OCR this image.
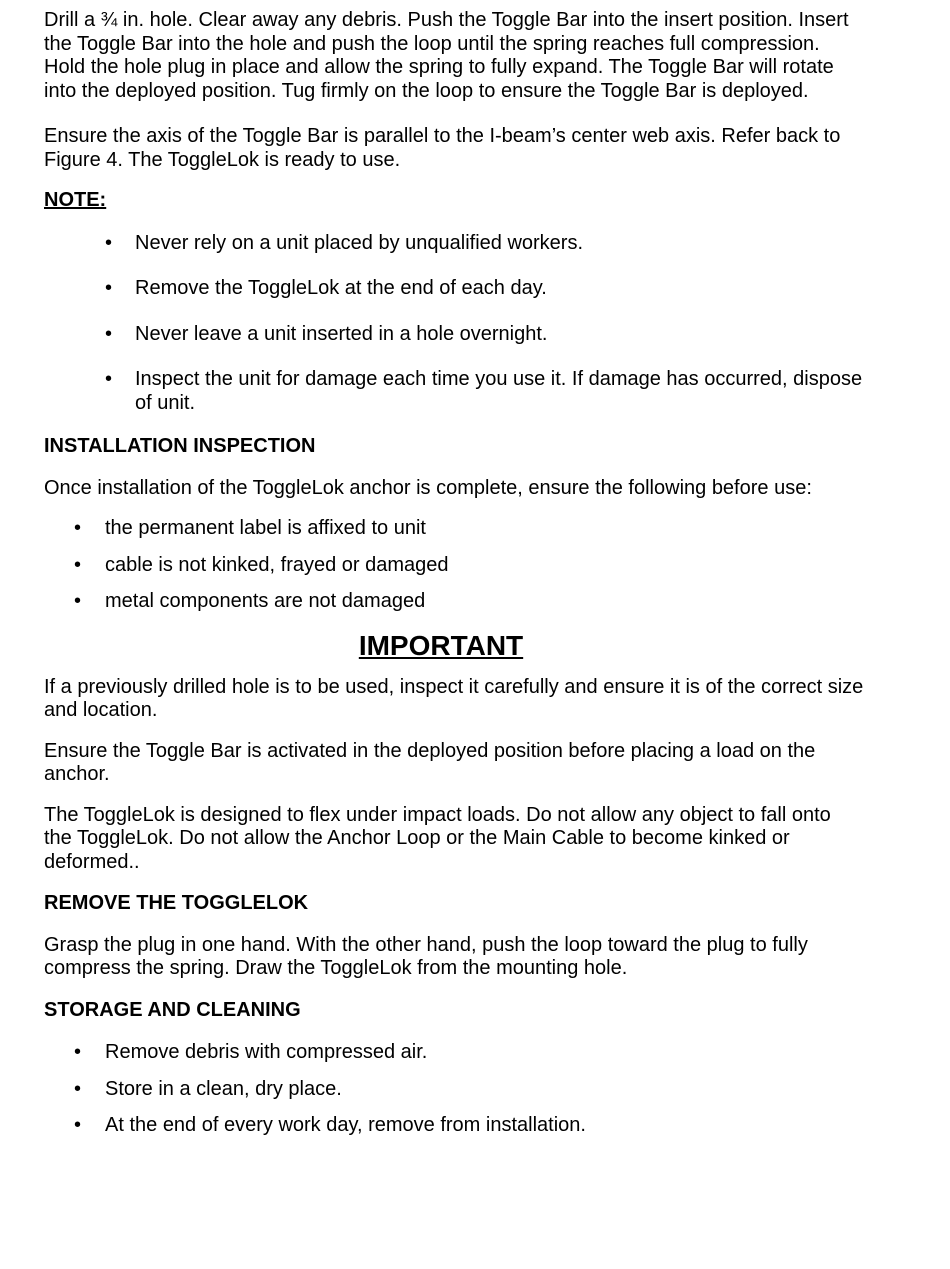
Drill a ¾ in. hole. Clear away any debris. Push the Toggle Bar into the insert position. Insert the Toggle Bar into the hole and push the loop until the spring reaches full compression. Hold the hole plug in place and allow the spring to fully expand. The Toggle Bar will rotate into the deployed position. Tug firmly on the loop to ensure the Toggle Bar is deployed.

Ensure the axis of the Toggle Bar is parallel to the I-beam’s center web axis. Refer back to Figure 4. The ToggleLok is ready to use.

NOTE:

• Never rely on a unit placed by unqualified workers.
• Remove the ToggleLok at the end of each day.
• Never leave a unit inserted in a hole overnight.
• Inspect the unit for damage each time you use it. If damage has occurred, dispose of unit.

INSTALLATION INSPECTION

Once installation of the ToggleLok anchor is complete, ensure the following before use:

• the permanent label is affixed to unit
• cable is not kinked, frayed or damaged
• metal components are not damaged

IMPORTANT

If a previously drilled hole is to be used, inspect it carefully and ensure it is of the correct size and location.

Ensure the Toggle Bar is activated in the deployed position before placing a load on the anchor.

The ToggleLok is designed to flex under impact loads. Do not allow any object to fall onto the ToggleLok. Do not allow the Anchor Loop or the Main Cable to become kinked or deformed..

REMOVE THE TOGGLELOK

Grasp the plug in one hand. With the other hand, push the loop toward the plug to fully compress the spring. Draw the ToggleLok from the mounting hole.

STORAGE AND CLEANING

• Remove debris with compressed air.
• Store in a clean, dry place.
• At the end of every work day, remove from installation.
